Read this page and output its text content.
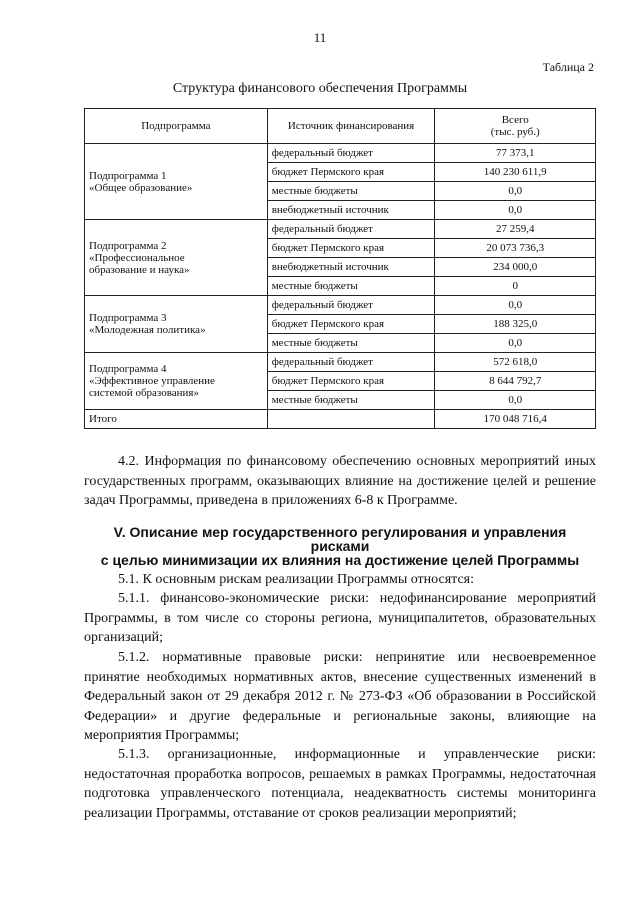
11
Таблица 2
Структура финансового обеспечения Программы
Подпрограмма	Источник финансирования	Всего
(тыс. руб.)
Подпрограмма 1
«Общее образование»	федеральный бюджет	77 373,1
	бюджет Пермского края	140 230 611,9
	местные бюджеты	0,0
	внебюджетный источник	0,0
Подпрограмма 2
«Профессиональное
образование и наука»	федеральный бюджет	27 259,4
	бюджет Пермского края	20 073 736,3
	внебюджетный источник	234 000,0
	местные бюджеты	0
Подпрограмма 3
«Молодежная политика»	федеральный бюджет	0,0
	бюджет Пермского края	188 325,0
	местные бюджеты	0,0
Подпрограмма 4
«Эффективное управление
системой образования»	федеральный бюджет	572 618,0
	бюджет Пермского края	8 644 792,7
	местные бюджеты	0,0
Итого		170 048 716,4
4.2. Информация по финансовому обеспечению основных мероприятий иных государственных программ, оказывающих влияние на достижение целей и решение задач Программы, приведена в приложениях 6-8 к Программе.
V. Описание мер государственного регулирования и управления рисками
с целью минимизации их влияния на достижение целей Программы
5.1. К основным рискам реализации Программы относятся:
5.1.1. финансово-экономические риски: недофинансирование мероприятий Программы, в том числе со стороны региона, муниципалитетов, образовательных организаций;
5.1.2. нормативные правовые риски: непринятие или несвоевременное принятие необходимых нормативных актов, внесение существенных изменений в Федеральный закон от 29 декабря 2012 г. № 273-ФЗ «Об образовании в Российской Федерации» и другие федеральные и региональные законы, влияющие на мероприятия Программы;
5.1.3. организационные, информационные и управленческие риски: недостаточная проработка вопросов, решаемых в рамках Программы, недостаточная подготовка управленческого потенциала, неадекватность системы мониторинга реализации Программы, отставание от сроков реализации мероприятий;
